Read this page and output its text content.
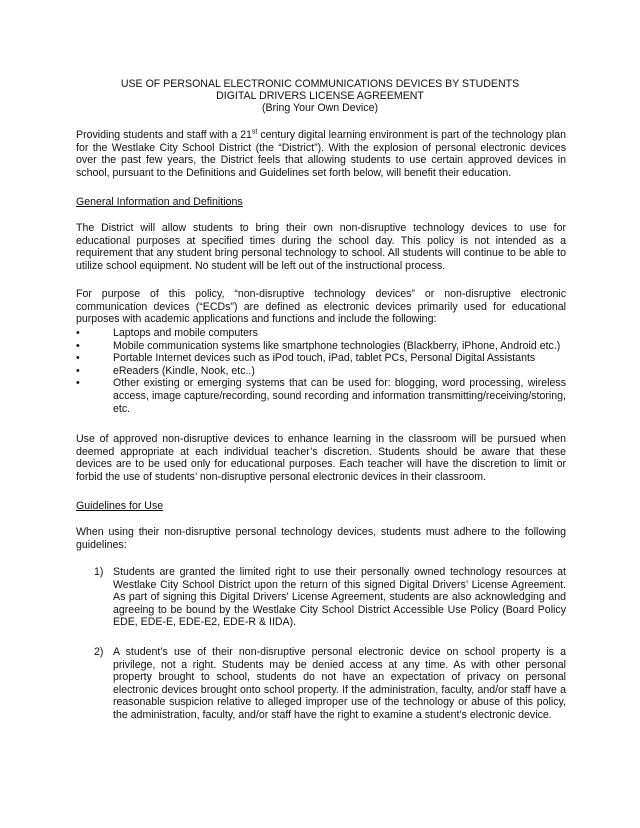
USE OF PERSONAL ELECTRONIC COMMUNICATIONS DEVICES BY STUDENTS
DIGITAL DRIVERS LICENSE AGREEMENT
(Bring Your Own Device)
Providing students and staff with a 21st century digital learning environment is part of the technology plan for the Westlake City School District (the “District”). With the explosion of personal electronic devices over the past few years, the District feels that allowing students to use certain approved devices in school, pursuant to the Definitions and Guidelines set forth below, will benefit their education.
General Information and Definitions
The District will allow students to bring their own non-disruptive technology devices to use for educational purposes at specified times during the school day. This policy is not intended as a requirement that any student bring personal technology to school. All students will continue to be able to utilize school equipment. No student will be left out of the instructional process.
For purpose of this policy, “non-disruptive technology devices” or non-disruptive electronic communication devices (“ECDs”) are defined as electronic devices primarily used for educational purposes with academic applications and functions and include the following:
•	Laptops and mobile computers
•	Mobile communication systems like smartphone technologies (Blackberry, iPhone, Android etc.)
•	Portable Internet devices such as iPod touch, iPad, tablet PCs, Personal Digital Assistants
•	eReaders (Kindle, Nook, etc..)
•	Other existing or emerging systems that can be used for: blogging, word processing, wireless access, image capture/recording, sound recording and information transmitting/receiving/storing, etc.
Use of approved non-disruptive devices to enhance learning in the classroom will be pursued when deemed appropriate at each individual teacher’s discretion. Students should be aware that these devices are to be used only for educational purposes. Each teacher will have the discretion to limit or forbid the use of students’ non-disruptive personal electronic devices in their classroom.
Guidelines for Use
When using their non-disruptive personal technology devices, students must adhere to the following guidelines:
1) Students are granted the limited right to use their personally owned technology resources at Westlake City School District upon the return of this signed Digital Drivers’ License Agreement. As part of signing this Digital Drivers’ License Agreement, students are also acknowledging and agreeing to be bound by the Westlake City School District Accessible Use Policy (Board Policy EDE, EDE-E, EDE-E2, EDE-R & IIDA).
2) A student’s use of their non-disruptive personal electronic device on school property is a privilege, not a right. Students may be denied access at any time. As with other personal property brought to school, students do not have an expectation of privacy on personal electronic devices brought onto school property. If the administration, faculty, and/or staff have a reasonable suspicion relative to alleged improper use of the technology or abuse of this policy, the administration, faculty, and/or staff have the right to examine a student’s electronic device.
